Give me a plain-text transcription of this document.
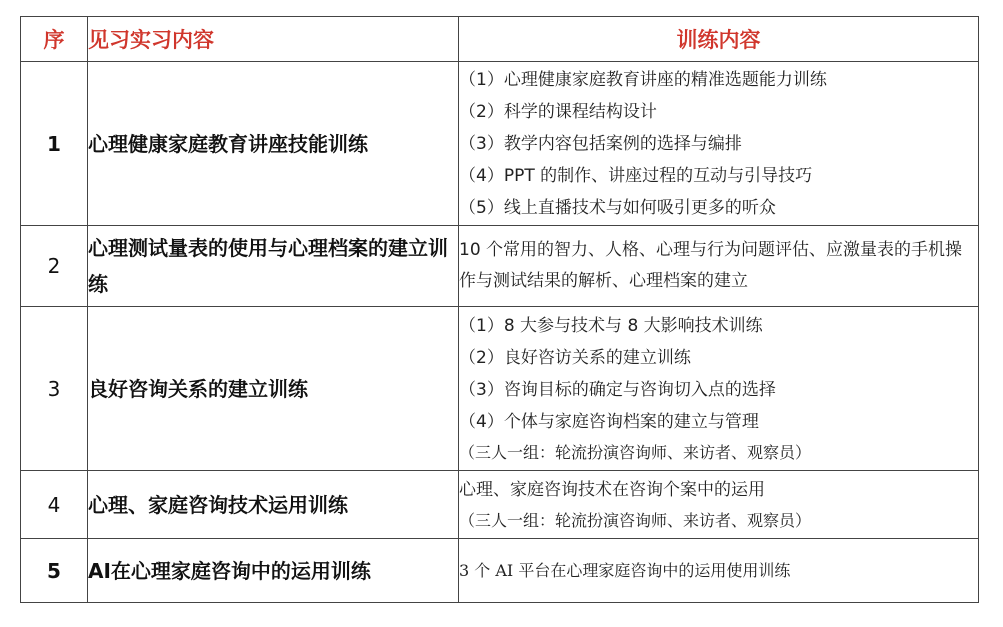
序	见习实习内容	训练内容
1	心理健康家庭教育讲座技能训练	（1）心理健康家庭教育讲座的精准选题能力训练
（2）科学的课程结构设计
（3）教学内容包括案例的选择与编排
（4）PPT 的制作、讲座过程的互动与引导技巧
（5）线上直播技术与如何吸引更多的听众

2	心理测试量表的使用与心理档案的建立训练	10 个常用的智力、人格、心理与行为问题评估、应激量表的手机操作与测试结果的解析、心理档案的建立

3	良好咨询关系的建立训练	（1）8 大参与技术与 8 大影响技术训练
（2）良好咨访关系的建立训练
（3）咨询目标的确定与咨询切入点的选择
（4）个体与家庭咨询档案的建立与管理
（三人一组：轮流扮演咨询师、来访者、观察员）

4	心理、家庭咨询技术运用训练	心理、家庭咨询技术在咨询个案中的运用
（三人一组：轮流扮演咨询师、来访者、观察员）

5	AI在心理家庭咨询中的运用训练	3 个 AI 平台在心理家庭咨询中的运用使用训练
